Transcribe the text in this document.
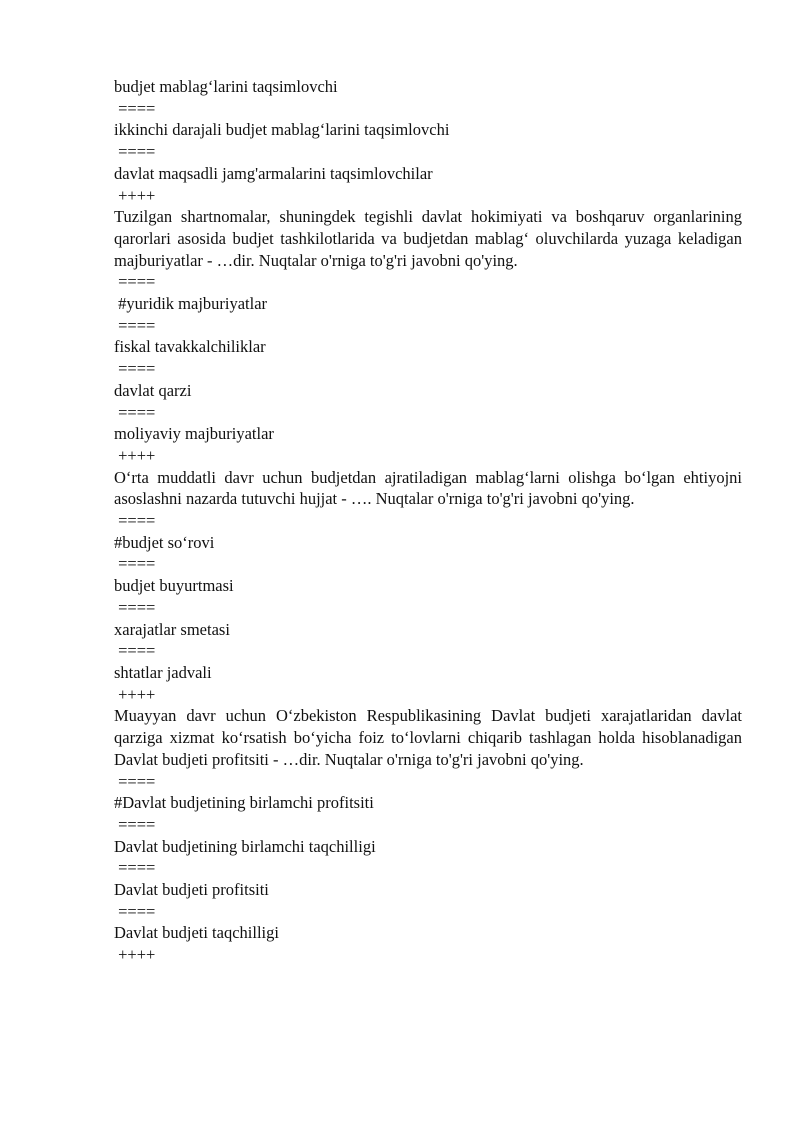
budjet mablag‘larini taqsimlovchi
====
ikkinchi darajali budjet mablag‘larini taqsimlovchi
====
davlat maqsadli jamg'armalarini taqsimlovchilar
++++
Tuzilgan shartnomalar, shuningdek tegishli davlat hokimiyati va boshqaruv organlarining qarorlari asosida budjet tashkilotlarida va budjetdan mablag‘ oluvchilarda yuzaga keladigan majburiyatlar - …dir. Nuqtalar o'rniga to'g'ri javobni qo'ying.
====
#yuridik majburiyatlar
====
fiskal tavakkalchiliklar
====
davlat qarzi
====
moliyaviy majburiyatlar
++++
O‘rta muddatli davr uchun budjetdan ajratiladigan mablag‘larni olishga bo‘lgan ehtiyojni asoslashni nazarda tutuvchi hujjat - …. Nuqtalar o'rniga to'g'ri javobni qo'ying.
====
#budjet so‘rovi
====
budjet buyurtmasi
====
xarajatlar smetasi
====
shtatlar jadvali
++++
Muayyan davr uchun O‘zbekiston Respublikasining Davlat budjeti xarajatlaridan davlat qarziga xizmat ko‘rsatish bo‘yicha foiz to‘lovlarni chiqarib tashlagan holda hisoblanadigan Davlat budjeti profitsiti - …dir. Nuqtalar o'rniga to'g'ri javobni qo'ying.
====
#Davlat budjetining birlamchi profitsiti
====
Davlat budjetining birlamchi taqchilligi
====
Davlat budjeti profitsiti
====
Davlat budjeti taqchilligi
++++
